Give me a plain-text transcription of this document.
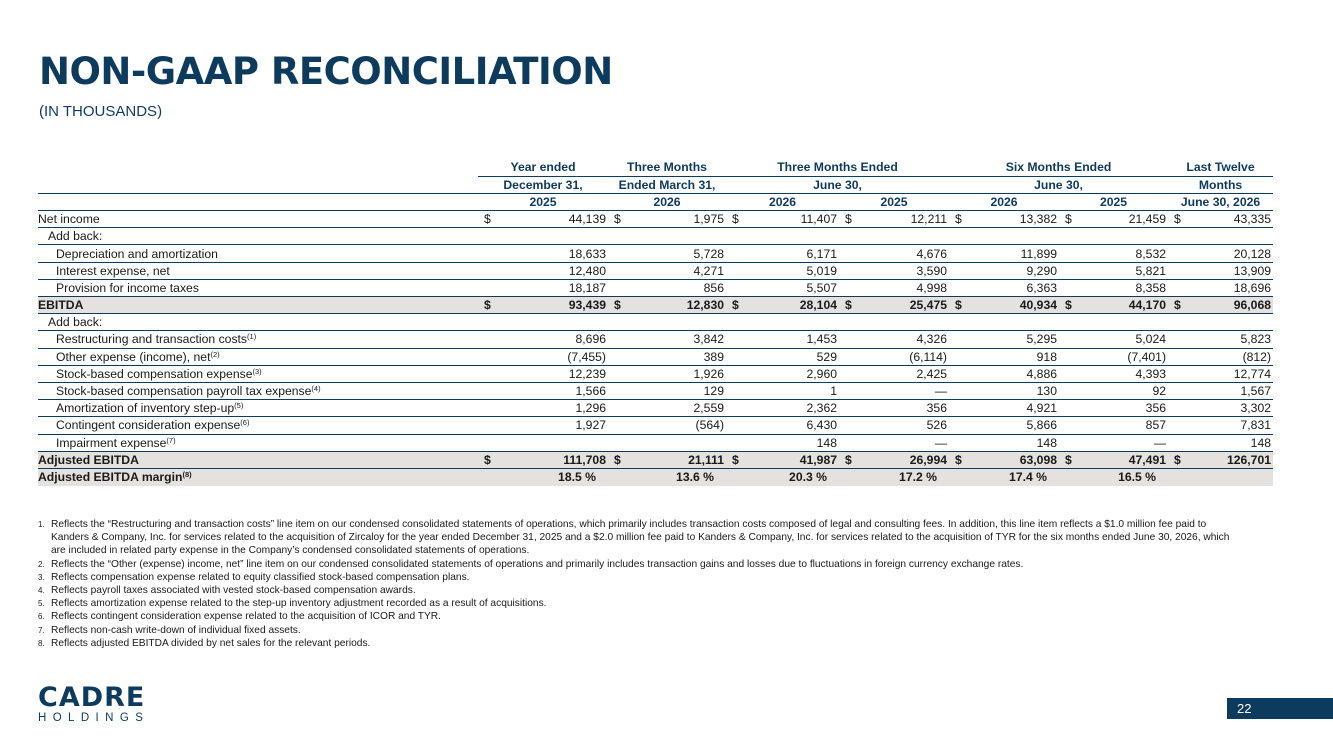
NON-GAAP RECONCILIATION
(IN THOUSANDS)
	Year ended	Three Months	Three Months Ended		Six Months Ended		Last Twelve
	December 31,	Ended March 31,	June 30,		June 30,		Months
	2025	2026	2026	2025	2026	2025	June 30, 2026
Net income	$ 44,139	$ 1,975	$ 11,407	$ 12,211	$ 13,382	$ 21,459	$ 43,335
Add back:							
Depreciation and amortization	18,633	5,728	6,171	4,676	11,899	8,532	20,128
Interest expense, net	12,480	4,271	5,019	3,590	9,290	5,821	13,909
Provision for income taxes	18,187	856	5,507	4,998	6,363	8,358	18,696
EBITDA	$ 93,439	$ 12,830	$ 28,104	$ 25,475	$ 40,934	$ 44,170	$ 96,068
Add back:							
Restructuring and transaction costs$^{(1)}$	8,696	3,842	1,453	4,326	5,295	5,024	5,823
Other expense (income), net$^{(2)}$	(7,455)	389	529	(6,114)	918	(7,401)	(812)
Stock-based compensation expense$^{(3)}$	12,239	1,926	2,960	2,425	4,886	4,393	12,774
Stock-based compensation payroll tax expense$^{(4)}$	1,566	129	1	—	130	92	1,567
Amortization of inventory step-$up^{(5)}$	1,296	2,559	2,362	356	4,921	356	3,302
Contingent consideration expense$^{(6)}$	1,927	(564)	6,430	526	5,866	857	7,831
Impairment expense$^{(7)}$			148	—	148	—	148
Adjusted EBITDA	$ 111,708	$ 21,111	$ 41,987	$ 26,994	$ 63,098	$ 47,491	$ 126,701
Adjusted EBITDA margin$^{(8)}$	18.5 %	13.6 %	20.3 %	17.2 %	17.4 %	16.5 %	
1. Reflects the “Restructuring and transaction costs” line item on our condensed consolidated statements of operations, which primarily includes transaction costs composed of legal and consulting fees. In addition, this line item reflects a $1.0 million fee paid to Kanders & Company, Inc. for services related to the acquisition of Zircaloy for the year ended December 31, 2025 and a $2.0 million fee paid to Kanders & Company, Inc. for services related to the acquisition of TYR for the six months ended June 30, 2026, which are included in related party expense in the Company’s condensed consolidated statements of operations.
2. Reflects the “Other (expense) income, net” line item on our condensed consolidated statements of operations and primarily includes transaction gains and losses due to fluctuations in foreign currency exchange rates.
3. Reflects compensation expense related to equity classified stock-based compensation plans.
4. Reflects payroll taxes associated with vested stock-based compensation awards.
5. Reflects amortization expense related to the step-up inventory adjustment recorded as a result of acquisitions.
6. Reflects contingent consideration expense related to the acquisition of ICOR and TYR.
7. Reflects non-cash write-down of individual fixed assets.
8. Reflects adjusted EBITDA divided by net sales for the relevant periods.
CADRE
HOLDINGS
22
